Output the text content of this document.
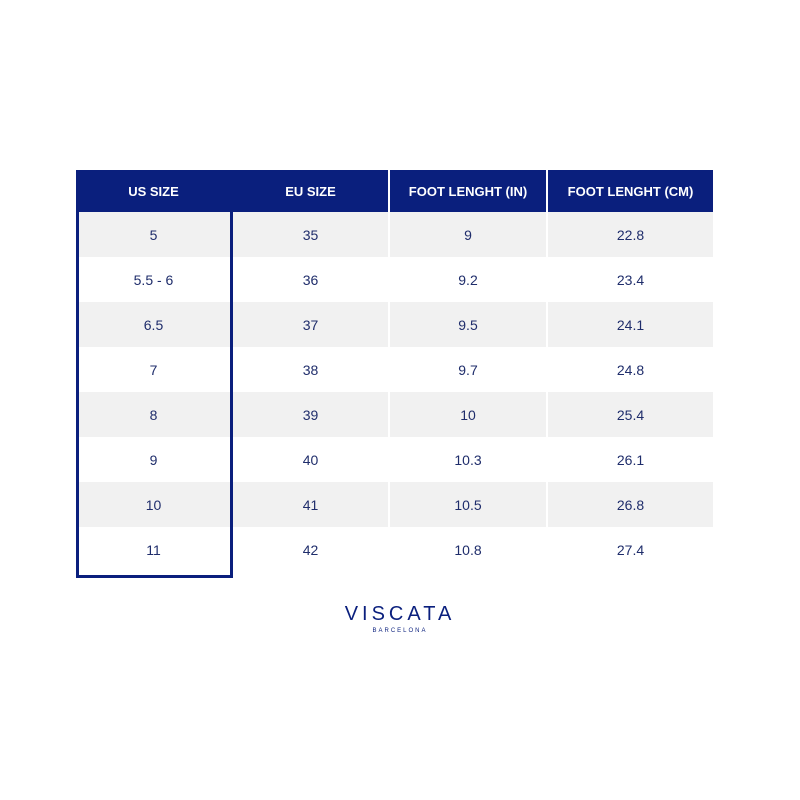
US SIZE	EU SIZE	FOOT LENGHT (IN)	FOOT LENGHT (CM)
5	35	9	22.8
5.5 - 6	36	9.2	23.4
6.5	37	9.5	24.1
7	38	9.7	24.8
8	39	10	25.4
9	40	10.3	26.1
10	41	10.5	26.8
11	42	10.8	27.4
VISCATA
BARCELONA
